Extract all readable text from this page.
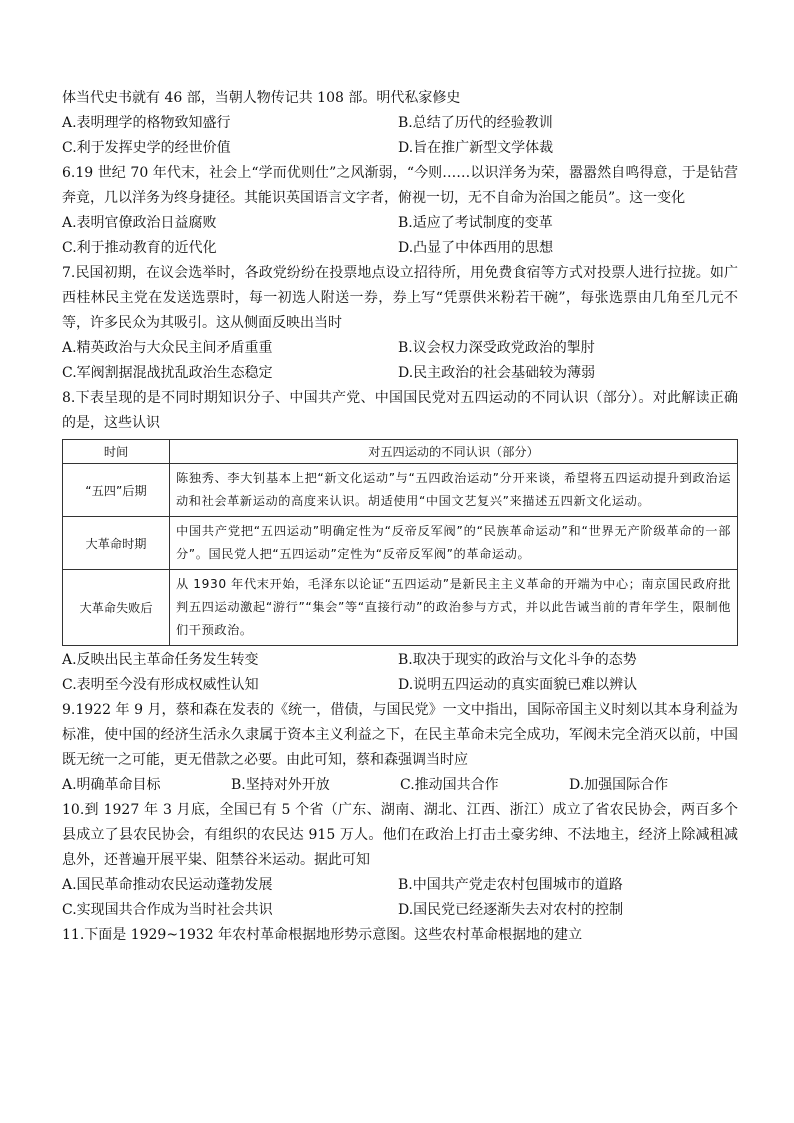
体当代史书就有 46 部，当朝人物传记共 108 部。明代私家修史
A.表明理学的格物致知盛行	B.总结了历代的经验教训
C.利于发挥史学的经世价值	D.旨在推广新型文学体裁
6.19 世纪 70 年代末，社会上“学而优则仕”之风渐弱，“今则……以识洋务为荣，嚣嚣然自鸣得意，于是钻营奔竟，几以洋务为终身捷径。其能识英国语言文字者，俯视一切，无不自命为治国之能员”。这一变化
A.表明官僚政治日益腐败	B.适应了考试制度的变革
C.利于推动教育的近代化	D.凸显了中体西用的思想
7.民国初期，在议会选举时，各政党纷纷在投票地点设立招待所，用免费食宿等方式对投票人进行拉拢。如广西桂林民主党在发送选票时，每一初选人附送一券，券上写“凭票供米粉若干碗”，每张选票由几角至几元不等，许多民众为其吸引。这从侧面反映出当时
A.精英政治与大众民主间矛盾重重	B.议会权力深受政党政治的掣肘
C.军阀割据混战扰乱政治生态稳定	D.民主政治的社会基础较为薄弱
8.下表呈现的是不同时期知识分子、中国共产党、中国国民党对五四运动的不同认识（部分）。对此解读正确的是，这些认识
时间	对五四运动的不同认识（部分）
“五四”后期	陈独秀、李大钊基本上把“新文化运动”与“五四政治运动”分开来谈，希望将五四运动提升到政治运动和社会革新运动的高度来认识。胡适使用“中国文艺复兴”来描述五四新文化运动。
大革命时期	中国共产党把“五四运动”明确定性为“反帝反军阀”的“民族革命运动”和“世界无产阶级革命的一部分”。国民党人把“五四运动”定性为“反帝反军阀”的革命运动。
大革命失败后	从 1930 年代末开始，毛泽东以论证“五四运动”是新民主主义革命的开端为中心；南京国民政府批判五四运动激起“游行”“集会”等“直接行动”的政治参与方式，并以此告诫当前的青年学生，限制他们干预政治。
A.反映出民主革命任务发生转变	B.取决于现实的政治与文化斗争的态势
C.表明至今没有形成权威性认知	D.说明五四运动的真实面貌已难以辨认
9.1922 年 9 月，蔡和森在发表的《统一，借债，与国民党》一文中指出，国际帝国主义时刻以其本身利益为标准，使中国的经济生活永久隶属于资本主义利益之下，在民主革命未完全成功，军阀未完全消灭以前，中国既无统一之可能，更无借款之必要。由此可知，蔡和森强调当时应
A.明确革命目标	B.坚持对外开放	C.推动国共合作	D.加强国际合作
10.到 1927 年 3 月底，全国已有 5 个省（广东、湖南、湖北、江西、浙江）成立了省农民协会，两百多个县成立了县农民协会，有组织的农民达 915 万人。他们在政治上打击土豪劣绅、不法地主，经济上除减租减息外，还普遍开展平粜、阻禁谷米运动。据此可知
A.国民革命推动农民运动蓬勃发展	B.中国共产党走农村包围城市的道路
C.实现国共合作成为当时社会共识	D.国民党已经逐渐失去对农村的控制
11.下面是 1929~1932 年农村革命根据地形势示意图。这些农村革命根据地的建立
